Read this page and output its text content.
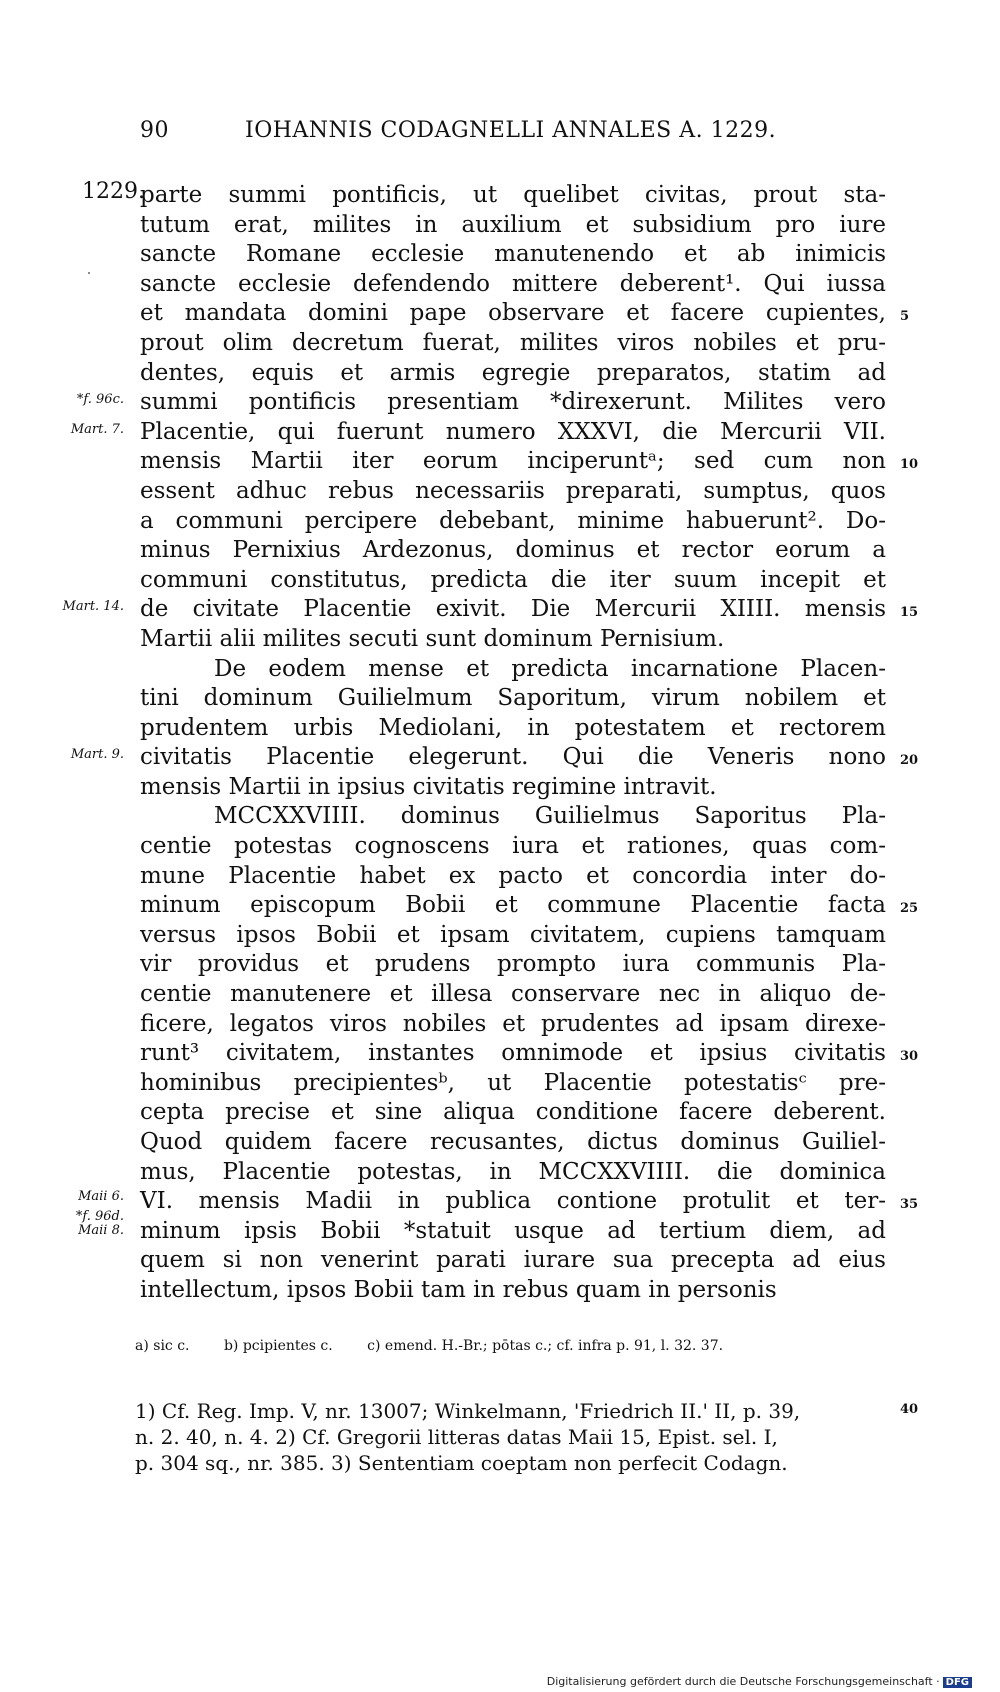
90	IOHANNIS CODAGNELLI ANNALES A. 1229.
1229.
*f. 96c.
Mart. 7.
Mart. 14.
Mart. 9.
Maii 6.
*f. 96d.
Maii 8.
5
10
15
20
25
30
35
parte summi pontificis, ut quelibet civitas, prout sta-
tutum erat, milites in auxilium et subsidium pro iure
sancte Romane ecclesie manutenendo et ab inimicis
sancte ecclesie defendendo mittere deberent¹. Qui iussa
et mandata domini pape observare et facere cupientes,
prout olim decretum fuerat, milites viros nobiles et pru-
dentes, equis et armis egregie preparatos, statim ad
summi pontificis presentiam *direxerunt. Milites vero
Placentie, qui fuerunt numero XXXVI, die Mercurii VII.
mensis Martii iter eorum inciperuntᵃ; sed cum non
essent adhuc rebus necessariis preparati, sumptus, quos
a communi percipere debebant, minime habuerunt². Do-
minus Pernixius Ardezonus, dominus et rector eorum a
communi constitutus, predicta die iter suum incepit et
de civitate Placentie exivit. Die Mercurii XIIII. mensis
Martii alii milites secuti sunt dominum Pernisium.
De eodem mense et predicta incarnatione Placen-
tini dominum Guilielmum Saporitum, virum nobilem et
prudentem urbis Mediolani, in potestatem et rectorem
civitatis Placentie elegerunt. Qui die Veneris nono
mensis Martii in ipsius civitatis regimine intravit.
MCCXXVIIII. dominus Guilielmus Saporitus Pla-
centie potestas cognoscens iura et rationes, quas com-
mune Placentie habet ex pacto et concordia inter do-
minum episcopum Bobii et commune Placentie facta
versus ipsos Bobii et ipsam civitatem, cupiens tamquam
vir providus et prudens prompto iura communis Pla-
centie manutenere et illesa conservare nec in aliquo de-
ficere, legatos viros nobiles et prudentes ad ipsam direxe-
runt³ civitatem, instantes omnimode et ipsius civitatis
hominibus precipientesᵇ, ut Placentie potestatisᶜ pre-
cepta precise et sine aliqua conditione facere deberent.
Quod quidem facere recusantes, dictus dominus Guiliel-
mus, Placentie potestas, in MCCXXVIIII. die dominica
VI. mensis Madii in publica contione protulit et ter-
minum ipsis Bobii *statuit usque ad tertium diem, ad
quem si non venerint parati iurare sua precepta ad eius
intellectum, ipsos Bobii tam in rebus quam in personis
a) sic c. b) pcipientes c. c) emend. H.-Br.; pōtas c.; cf. infra p. 91, l. 32. 37.
1) Cf. Reg. Imp. V, nr. 13007; Winkelmann, 'Friedrich II.' II, p. 39,
n. 2. 40, n. 4. 2) Cf. Gregorii litteras datas Maii 15, Epist. sel. I,
p. 304 sq., nr. 385. 3) Sententiam coeptam non perfecit Codagn.
40
Digitalisierung gefördert durch die Deutsche Forschungsgemeinschaft · DFG
